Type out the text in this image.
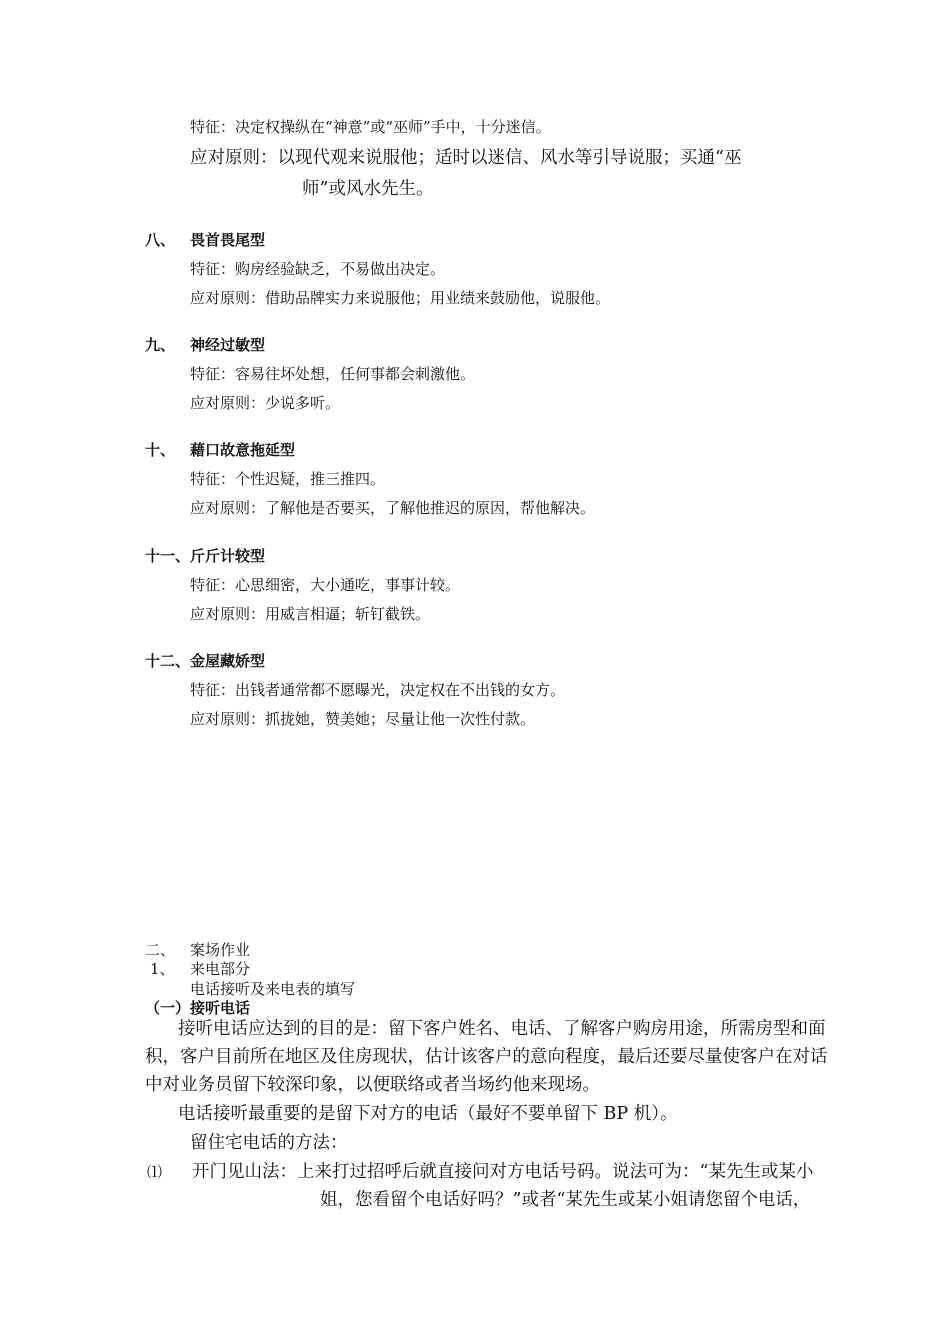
特征：决定权操纵在“神意”或“巫师”手中，十分迷信。
应对原则：以现代观来说服他；适时以迷信、风水等引导说服；买通“巫
师”或风水先生。
八、 畏首畏尾型
特征：购房经验缺乏，不易做出决定。
应对原则：借助品牌实力来说服他；用业绩来鼓励他，说服他。
九、 神经过敏型
特征：容易往坏处想，任何事都会刺激他。
应对原则：少说多听。
十、 藉口故意拖延型
特征：个性迟疑，推三推四。
应对原则：了解他是否要买，了解他推迟的原因，帮他解决。
十一、斤斤计较型
特征：心思细密，大小通吃，事事计较。
应对原则：用威言相逼；斩钉截铁。
十二、金屋藏娇型
特征：出钱者通常都不愿曝光，决定权在不出钱的女方。
应对原则：抓拢她，赞美她；尽量让他一次性付款。
二、 案场作业
1、 来电部分
电话接听及来电表的填写
（一）接听电话
接听电话应达到的目的是：留下客户姓名、电话、了解客户购房用途，所需房型和面
积，客户目前所在地区及住房现状，估计该客户的意向程度，最后还要尽量使客户在对话
中对业务员留下较深印象，以便联络或者当场约他来现场。
电话接听最重要的是留下对方的电话（最好不要单留下 BP 机）。
留住宅电话的方法：
⑴ 开门见山法：上来打过招呼后就直接问对方电话号码。说法可为：“某先生或某小
姐，您看留个电话好吗？”或者“某先生或某小姐请您留个电话，
